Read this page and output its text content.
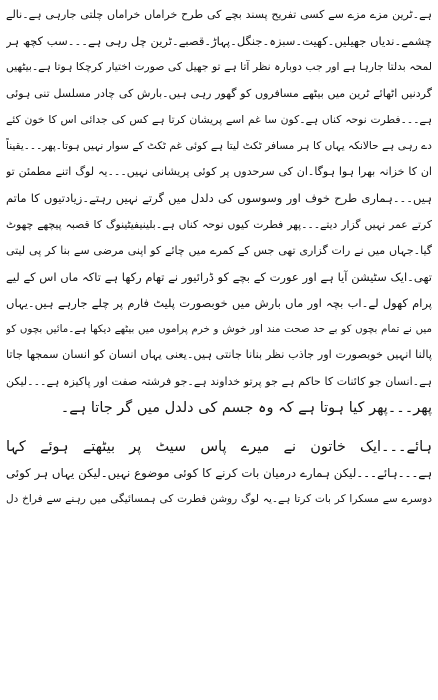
ہے۔ٹرین مزے مزے سے کسی تفریح پسند بچے کی طرح خراماں خراماں چلتی جارہی ہے۔نالے
چشمے۔ندیاں جھیلیں۔کھیت۔سبزہ۔جنگل۔پہاڑ۔قصبے۔ٹرین چل رہی ہے۔۔۔سب کچھ ہر
لمحہ بدلتا جارہا ہے اور جب دوبارہ نظر آتا ہے تو جھیل کی صورت اختیار کرچکا ہوتا ہے۔بیٹھیں
گردنیں اٹھائے ٹرین میں بیٹھے مسافروں کو گھور رہی ہیں۔بارش کی چادر مسلسل تنی ہوئی
ہے۔۔۔فطرت نوحہ کناں ہے۔کون سا غم اسے پریشان کرتا ہے کس کی جدائی اس کا خون کئے
دے رہی ہے حالانکہ یہاں کا ہر مسافر ٹکٹ لیتا ہے کوئی غم ٹکٹ کے سوار نہیں ہوتا۔پھر۔۔۔یقیناً
ان کا خزانہ بھرا ہوا ہوگا۔ان کی سرحدوں پر کوئی پریشانی نہیں۔۔۔یہ لوگ اتنے مطمئن تو
ہیں۔۔۔ہماری طرح خوف اور وسوسوں کی دلدل میں گرتے نہیں رہتے۔زیادتیوں کا ماتم
کرتے عمر نہیں گزار دیتے۔۔۔پھر فطرت کیوں نوحہ کناں ہے۔بلینیفیٹینوگ کا قصبہ پیچھے چھوٹ
گیا۔جہاں میں نے رات گزاری تھی جس کے کمرے میں چائے کو اپنی مرضی سے بنا کر پی لیتی
تھی۔ایک سٹیشن آیا ہے اور عورت کے بچے کو ڈرائیور نے تھام رکھا ہے تاکہ ماں اس کے لیے
پرام کھول لے۔اب بچہ اور ماں بارش میں خوبصورت پلیٹ فارم پر چلے جارہے ہیں۔یہاں
میں نے تمام بچوں کو بے حد صحت مند اور خوش و خرم پراموں میں بیٹھے دیکھا ہے۔مائیں بچوں کو
پالنا انہیں خوبصورت اور جاذب نظر بنانا جانتی ہیں۔یعنی یہاں انسان کو انسان سمجھا جاتا
ہے۔انسان جو کائنات کا حاکم ہے جو پرتو خداوند ہے۔جو فرشتہ صفت اور پاکیزہ ہے۔۔۔لیکن
پھر۔۔۔پھر کیا ہوتا ہے کہ وہ جسم کی دلدل میں گر جاتا ہے۔
ہائے۔۔۔ایک خاتون نے میرے پاس سیٹ پر بیٹھتے ہوئے کہا
ہے۔۔۔ہائے۔۔۔لیکن ہمارے درمیان بات کرنے کا کوئی موضوع نہیں۔لیکن یہاں ہر کوئی
دوسرے سے مسکرا کر بات کرتا ہے۔یہ لوگ روشن فطرت کی ہمسائیگی میں رہنے سے فراخ دل
